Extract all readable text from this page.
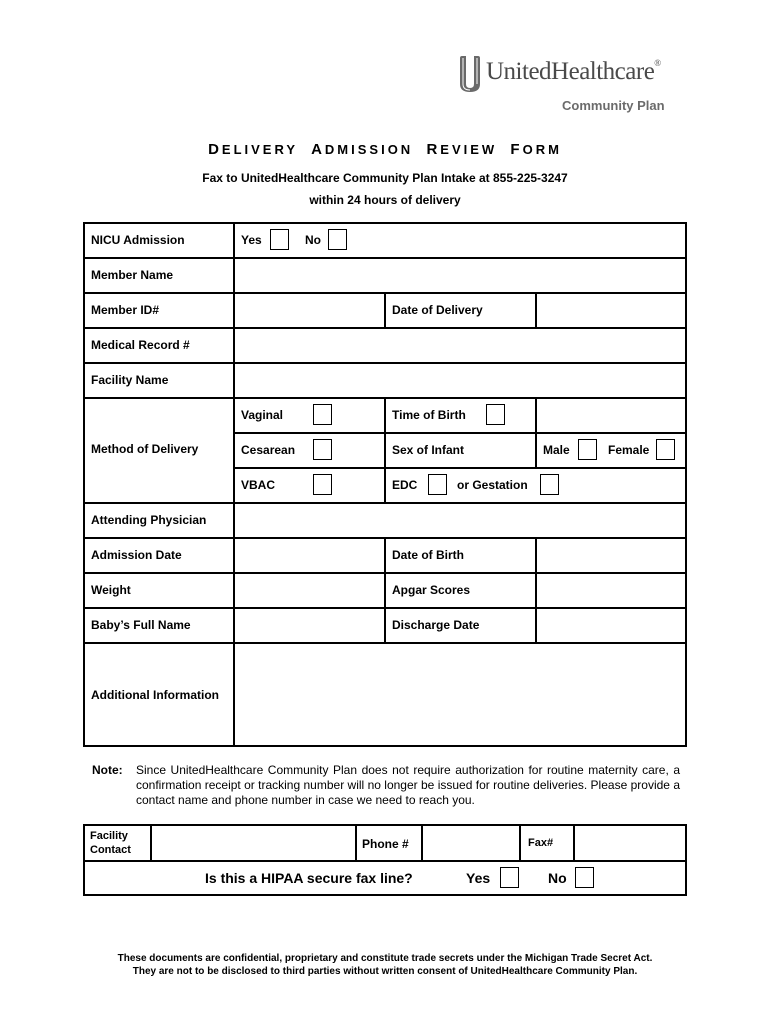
UnitedHealthcare®
Community Plan
DELIVERY ADMISSION REVIEW FORM
Fax to UnitedHealthcare Community Plan Intake at 855-225-3247
within 24 hours of delivery
NICU Admission	Yes	No
Member Name
Member ID#	Date of Delivery
Medical Record #
Facility Name
Method of Delivery
Vaginal	Time of Birth
Cesarean	Sex of Infant	Male	Female
VBAC	EDC	or Gestation
Attending Physician
Admission Date	Date of Birth
Weight	Apgar Scores
Baby’s Full Name	Discharge Date
Additional Information
Note: Since UnitedHealthcare Community Plan does not require authorization for routine maternity care, a confirmation receipt or tracking number will no longer be issued for routine deliveries. Please provide a contact name and phone number in case we need to reach you.
Facility
Contact	Phone #	Fax#
Is this a HIPAA secure fax line?	Yes	No
These documents are confidential, proprietary and constitute trade secrets under the Michigan Trade Secret Act.
They are not to be disclosed to third parties without written consent of UnitedHealthcare Community Plan.
